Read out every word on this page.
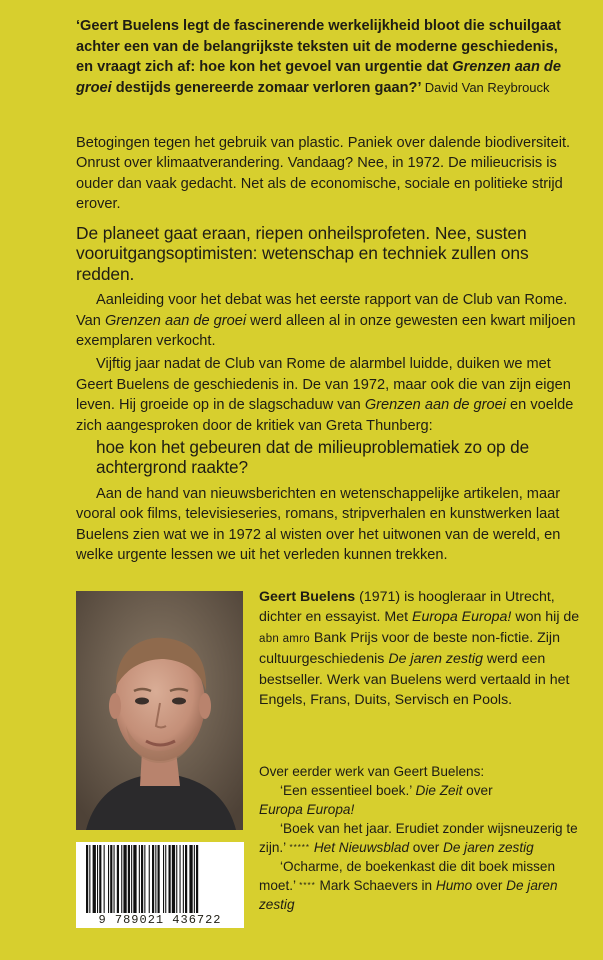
‘Geert Buelens legt de fascinerende werkelijkheid bloot die schuilgaat achter een van de belangrijkste teksten uit de moderne geschiedenis, en vraagt zich af: hoe kon het gevoel van urgentie dat Grenzen aan de groei destijds genereerde zomaar verloren gaan?’ David Van Reybrouck

Betogingen tegen het gebruik van plastic. Paniek over dalende biodiversiteit. Onrust over klimaatverandering. Vandaag? Nee, in 1972. De milieucrisis is ouder dan vaak gedacht. Net als de economische, sociale en politieke strijd erover.

De planeet gaat eraan, riepen onheilsprofeten. Nee, susten vooruitgangsoptimisten: wetenschap en techniek zullen ons redden.

Aanleiding voor het debat was het eerste rapport van de Club van Rome. Van Grenzen aan de groei werd alleen al in onze gewesten een kwart miljoen exemplaren verkocht.

Vijftig jaar nadat de Club van Rome de alarmbel luidde, duiken we met Geert Buelens de geschiedenis in. De van 1972, maar ook die van zijn eigen leven. Hij groeide op in de slagschaduw van Grenzen aan de groei en voelde zich aangesproken door de kritiek van Greta Thunberg:

hoe kon het gebeuren dat de milieuproblematiek zo op de achtergrond raakte?

Aan de hand van nieuwsberichten en wetenschappelijke artikelen, maar vooral ook films, televisieseries, romans, stripverhalen en kunstwerken laat Buelens zien wat we in 1972 al wisten over het uitwonen van de wereld, en welke urgente lessen we uit het verleden kunnen trekken.

Geert Buelens (1971) is hoogleraar in Utrecht, dichter en essayist. Met Europa Europa! won hij de abn amro Bank Prijs voor de beste non-fictie. Zijn cultuurgeschiedenis De jaren zestig werd een bestseller. Werk van Buelens werd vertaald in het Engels, Frans, Duits, Servisch en Pools.

Over eerder werk van Geert Buelens:

‘Een essentieel boek.’ Die Zeit over
Europa Europa!

‘Boek van het jaar. Erudiet zonder wijsneuzerig te zijn.’ ***** Het Nieuwsblad over De jaren zestig

‘Ocharme, de boekenkast die dit boek missen moet.’ **** Mark Schaevers in Humo over De jaren zestig

9 789021 436722
